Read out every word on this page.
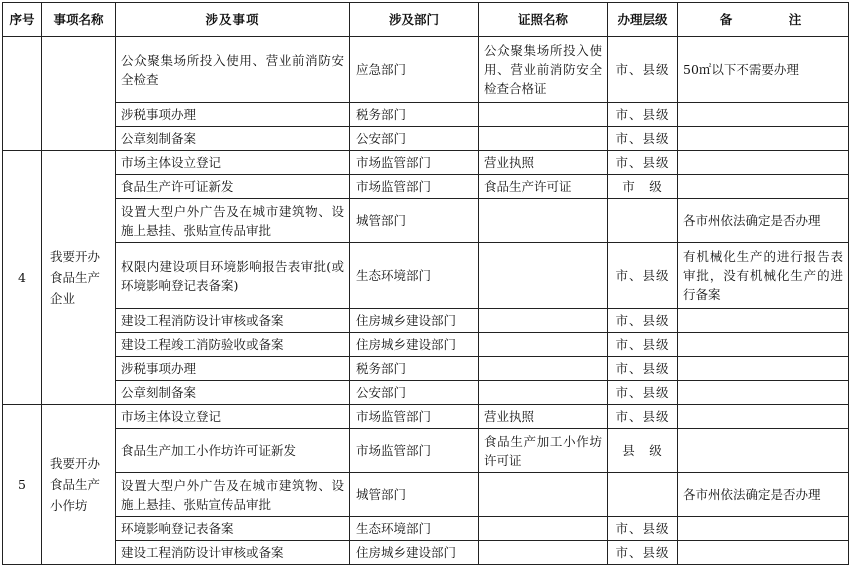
序号	事项名称	涉及事项	涉及部门	证照名称	办理层级	备　注
		公众聚集场所投入使用、营业前消防安全检查	应急部门	公众聚集场所投入使用、营业前消防安全检查合格证	市、县级	50㎡以下不需要办理
		涉税事项办理	税务部门		市、县级	
		公章刻制备案	公安部门		市、县级	
4	我要开办食品生产企业	市场主体设立登记	市场监管部门	营业执照	市、县级	
		食品生产许可证新发	市场监管部门	食品生产许可证	市　级	
		设置大型户外广告及在城市建筑物、设施上悬挂、张贴宣传品审批	城管部门			各市州依法确定是否办理
		权限内建设项目环境影响报告表审批(或环境影响登记表备案)	生态环境部门		市、县级	有机械化生产的进行报告表审批，没有机械化生产的进行备案
		建设工程消防设计审核或备案	住房城乡建设部门		市、县级	
		建设工程竣工消防验收或备案	住房城乡建设部门		市、县级	
		涉税事项办理	税务部门		市、县级	
		公章刻制备案	公安部门		市、县级	
5	我要开办食品生产小作坊	市场主体设立登记	市场监管部门	营业执照	市、县级	
		食品生产加工小作坊许可证新发	市场监管部门	食品生产加工小作坊许可证	县　级	
		设置大型户外广告及在城市建筑物、设施上悬挂、张贴宣传品审批	城管部门			各市州依法确定是否办理
		环境影响登记表备案	生态环境部门		市、县级	
		建设工程消防设计审核或备案	住房城乡建设部门		市、县级	
